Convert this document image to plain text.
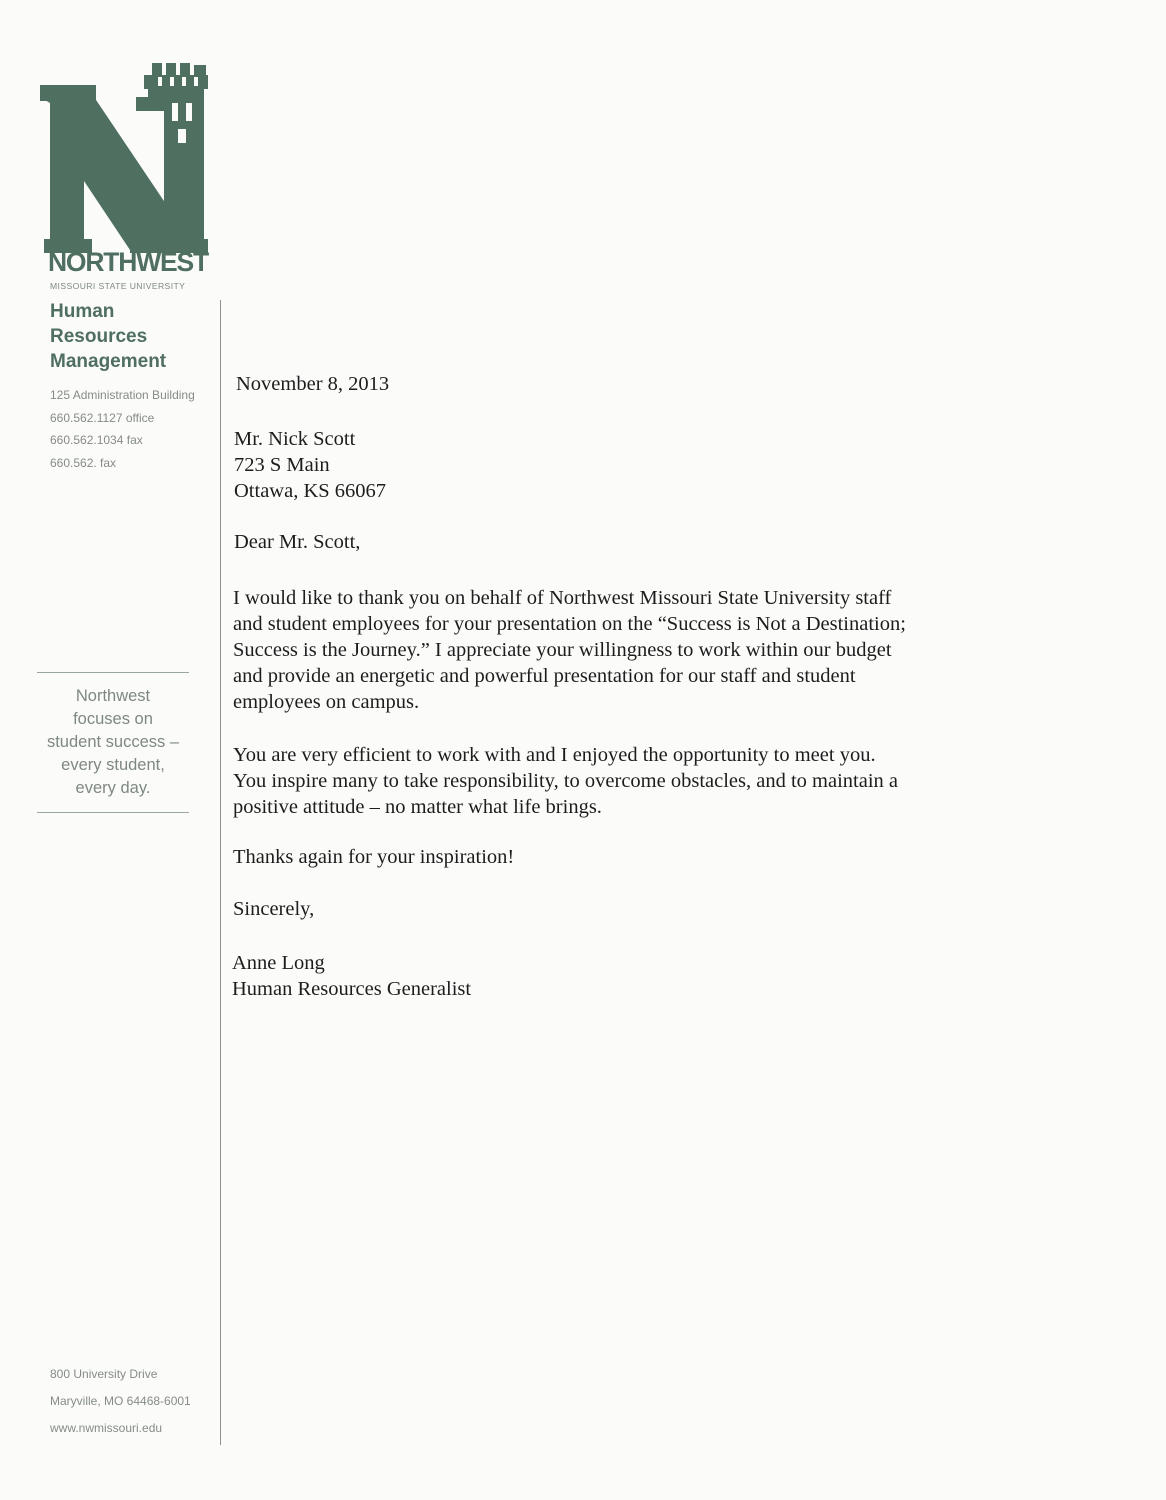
NORTHWEST
MISSOURI STATE UNIVERSITY
Human
Resources
Management
125 Administration Building
660.562.1127 office
660.562.1034 fax
660.562. fax
Northwest
focuses on
student success –
every student,
every day.
800 University Drive
Maryville, MO 64468-6001
www.nwmissouri.edu
November 8, 2013
Mr. Nick Scott
723 S Main
Ottawa, KS 66067
Dear Mr. Scott,
I would like to thank you on behalf of Northwest Missouri State University staff
and student employees for your presentation on the “Success is Not a Destination;
Success is the Journey.” I appreciate your willingness to work within our budget
and provide an energetic and powerful presentation for our staff and student
employees on campus.
You are very efficient to work with and I enjoyed the opportunity to meet you.
You inspire many to take responsibility, to overcome obstacles, and to maintain a
positive attitude – no matter what life brings.
Thanks again for your inspiration!
Sincerely,
Anne Long
Human Resources Generalist
